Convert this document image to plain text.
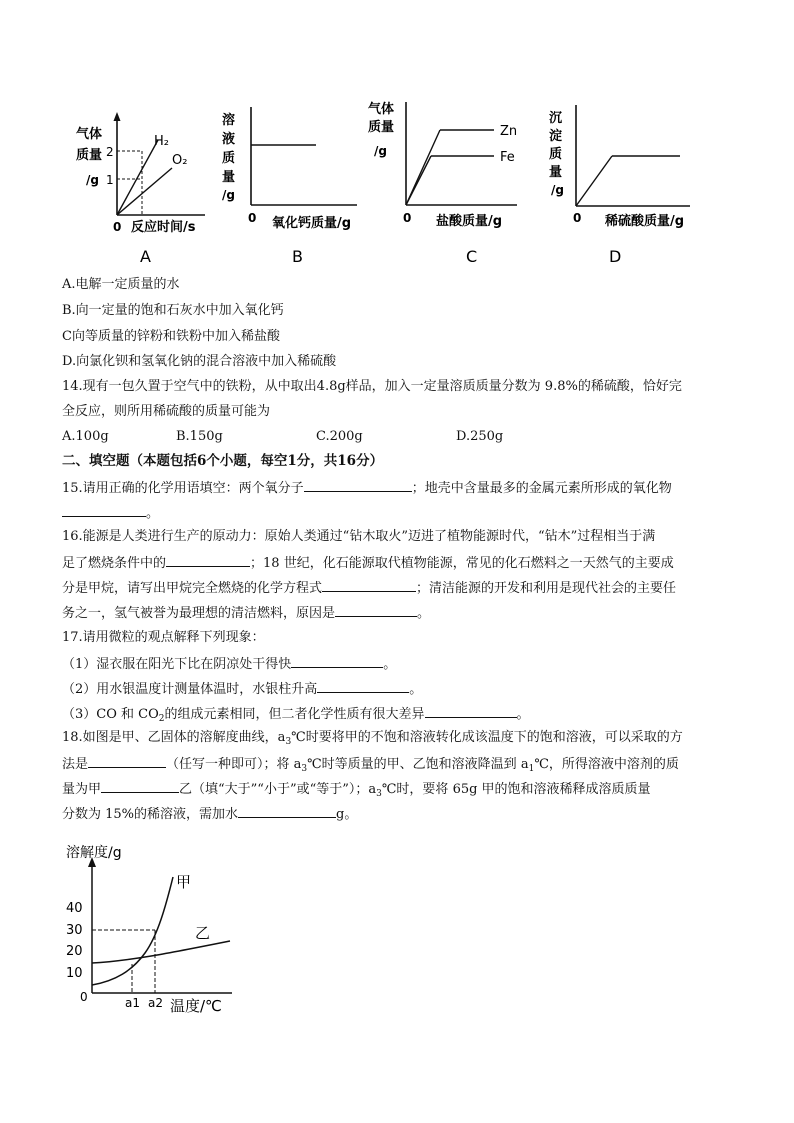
气体
质量
/g
2
1
H₂
O₂
0 反应时间/s
A
溶
液
质
量
/g
0 氧化钙质量/g
B
气体
质量
/g
Zn
Fe
0 盐酸质量/g
C
沉
淀
质
量
/g
0 稀硫酸质量/g
D
A.电解一定质量的水
B.向一定量的饱和石灰水中加入氧化钙
C向等质量的锌粉和铁粉中加入稀盐酸
D.向氯化钡和氢氧化钠的混合溶液中加入稀硫酸
14.现有一包久置于空气中的铁粉，从中取出4.8g样品，加入一定量溶质质量分数为 9.8%的稀硫酸，恰好完
全反应，则所用稀硫酸的质量可能为
A.100g	B.150g	C.200g	D.250g
二、填空题（本题包括6个小题，每空1分，共16分）
15.请用正确的化学用语填空：两个氧分子	；地壳中含量最多的金属元素所形成的氧化物
。
16.能源是人类进行生产的原动力：原始人类通过“钻木取火”迈进了植物能源时代，“钻木”过程相当于满
足了燃烧条件中的	；18 世纪，化石能源取代植物能源，常见的化石燃料之一天然气的主要成
分是甲烷，请写出甲烷完全燃烧的化学方程式	；清洁能源的开发和利用是现代社会的主要任
务之一，氢气被誉为最理想的清洁燃料，原因是	。
17.请用微粒的观点解释下列现象：
（1）湿衣服在阳光下比在阴凉处干得快	。
（2）用水银温度计测量体温时，水银柱升高	。
（3）CO 和 $CO_2$的组成元素相同，但二者化学性质有很大差异	。
18.如图是甲、乙固体的溶解度曲线，$a_3℃$时要将甲的不饱和溶液转化成该温度下的饱和溶液，可以采取的方
法是	（任写一种即可）；将 $a_3℃$时等质量的甲、乙饱和溶液降温到 $a_1℃$，所得溶液中溶剂的质
量为甲	乙（填“大于”“小于”或“等于”）；$a_3℃$时，要将 65g 甲的饱和溶液稀释成溶质质量
分数为 15%的稀溶液，需加水	g。
溶解度/g
40
30
20
10
0	a1 a2 温度/℃
甲
乙
